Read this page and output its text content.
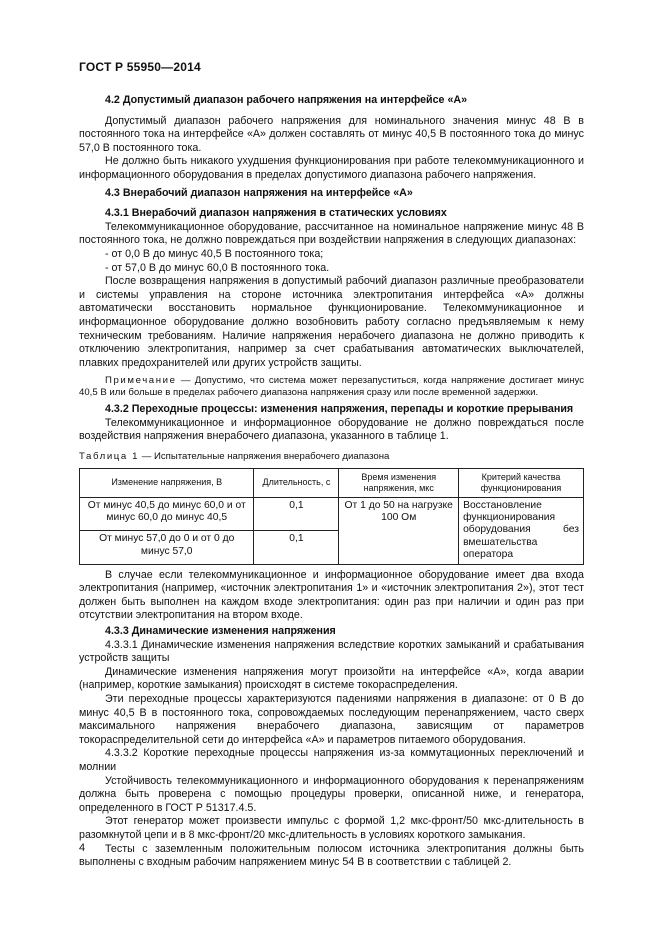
ГОСТ Р 55950—2014

4.2 Допустимый диапазон рабочего напряжения на интерфейсе «А»

Допустимый диапазон рабочего напряжения для номинального значения минус 48 В в постоянного тока на интерфейсе «А» должен составлять от минус 40,5 В постоянного тока до минус 57,0 В постоянного тока.

Не должно быть никакого ухудшения функционирования при работе телекоммуникационного и информационного оборудования в пределах допустимого диапазона рабочего напряжения.

4.3 Внерабочий диапазон напряжения на интерфейсе «А»

4.3.1 Внерабочий диапазон напряжения в статических условиях

Телекоммуникационное оборудование, рассчитанное на номинальное напряжение минус 48 В постоянного тока, не должно повреждаться при воздействии напряжения в следующих диапазонах:

- от 0,0 В до минус 40,5 В постоянного тока;

- от 57,0 В до минус 60,0 В постоянного тока.

После возвращения напряжения в допустимый рабочий диапазон различные преобразователи и системы управления на стороне источника электропитания интерфейса «А» должны автоматически восстановить нормальное функционирование. Телекоммуникационное и информационное оборудование должно возобновить работу согласно предъявляемым к нему техническим требованиям. Наличие напряжения нерабочего диапазона не должно приводить к отключению электропитания, например за счет срабатывания автоматических выключателей, плавких предохранителей или других устройств защиты.

Примечание — Допустимо, что система может перезапуститься, когда напряжение достигает минус 40,5 В или больше в пределах рабочего диапазона напряжения сразу или после временной задержки.

4.3.2 Переходные процессы: изменения напряжения, перепады и короткие прерывания

Телекоммуникационное и информационное оборудование не должно повреждаться после воздействия напряжения внерабочего диапазона, указанного в таблице 1.

Таблица 1 — Испытательные напряжения внерабочего диапазона

Изменение напряжения, В	Длительность, с	Время изменения напряжения, мкс	Критерий качества функционирования
От минус 40,5 до минус 60,0 и от минус 60,0 до минус 40,5	0,1	От 1 до 50 на нагрузке 100 Ом	Восстановление функционирования оборудования без вмешательства оператора
От минус 57,0 до 0 и от 0 до минус 57,0	0,1		

В случае если телекоммуникационное и информационное оборудование имеет два входа электропитания (например, «источник электропитания 1» и «источник электропитания 2»), этот тест должен быть выполнен на каждом входе электропитания: один раз при наличии и один раз при отсутствии электропитания на втором входе.

4.3.3 Динамические изменения напряжения

4.3.3.1 Динамические изменения напряжения вследствие коротких замыканий и срабатывания устройств защиты

Динамические изменения напряжения могут произойти на интерфейсе «А», когда аварии (например, короткие замыкания) происходят в системе токораспределения.

Эти переходные процессы характеризуются падениями напряжения в диапазоне: от 0 В до минус 40,5 В в постоянного тока, сопровождаемых последующим перенапряжением, часто сверх максимального напряжения внерабочего диапазона, зависящим от параметров токораспределительной сети до интерфейса «А» и параметров питаемого оборудования.

4.3.3.2 Короткие переходные процессы напряжения из-за коммутационных переключений и молнии

Устойчивость телекоммуникационного и информационного оборудования к перенапряжениям должна быть проверена с помощью процедуры проверки, описанной ниже, и генератора, определенного в ГОСТ Р 51317.4.5.

Этот генератор может произвести импульс с формой 1,2 мкс-фронт/50 мкс-длительность в разомкнутой цепи и в 8 мкс-фронт/20 мкс-длительность в условиях короткого замыкания.

Тесты с заземленным положительным полюсом источника электропитания должны быть выполнены с входным рабочим напряжением минус 54 В в соответствии с таблицей 2.

4
